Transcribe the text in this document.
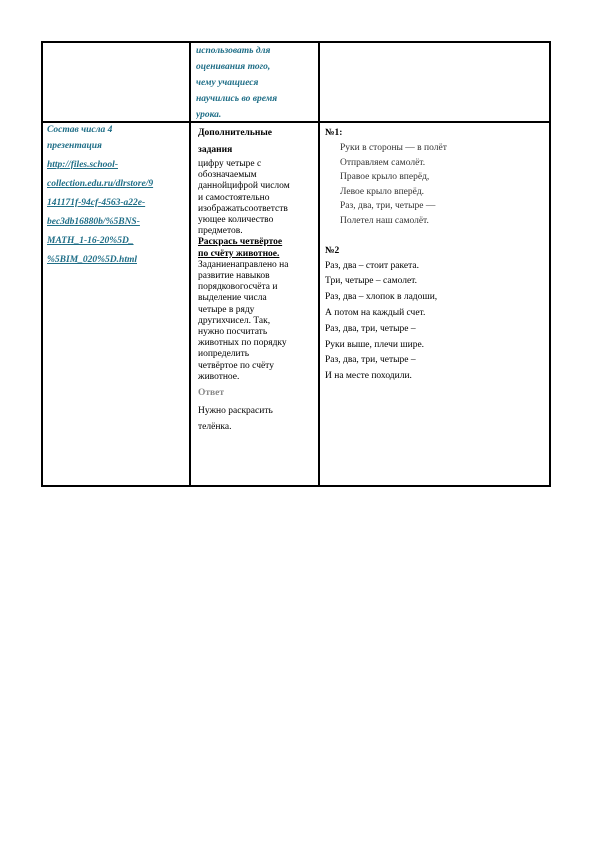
использовать для
оценивания того,
чему учащиеся
научились во время
урока.
Состав числа 4
презентация
http://files.school-
collection.edu.ru/dlrstore/9
141171f-94cf-4563-a22e-
bec3db16880b/%5BNS-
MATH_1-16-20%5D_
%5BIM_020%5D.html
Дополнительные
задания
цифру четыре с
обозначаемым
даннойцифрой числом
и самостоятельно
изображатьсоответств
ующее количество
предметов.
Раскрась четвёртое
по счёту животное.
Заданиенаправлено на
развитие навыков
порядковогосчёта и
выделение числа
четыре в ряду
другихчисел. Так,
нужно посчитать
животных по порядку
иопределить
четвёртое по счёту
животное.
Ответ
Нужно раскрасить
телёнка.
№1:
Руки в стороны — в полёт
Отправляем самолёт.
Правое крыло вперёд,
Левое крыло вперёд.
Раз, два, три, четыре —
Полетел наш самолёт.
№2
Раз, два – стоит ракета.
Три, четыре – самолет.
Раз, два – хлопок в ладоши,
А потом на каждый счет.
Раз, два, три, четыре –
Руки выше, плечи шире.
Раз, два, три, четыре –
И на месте походили.
